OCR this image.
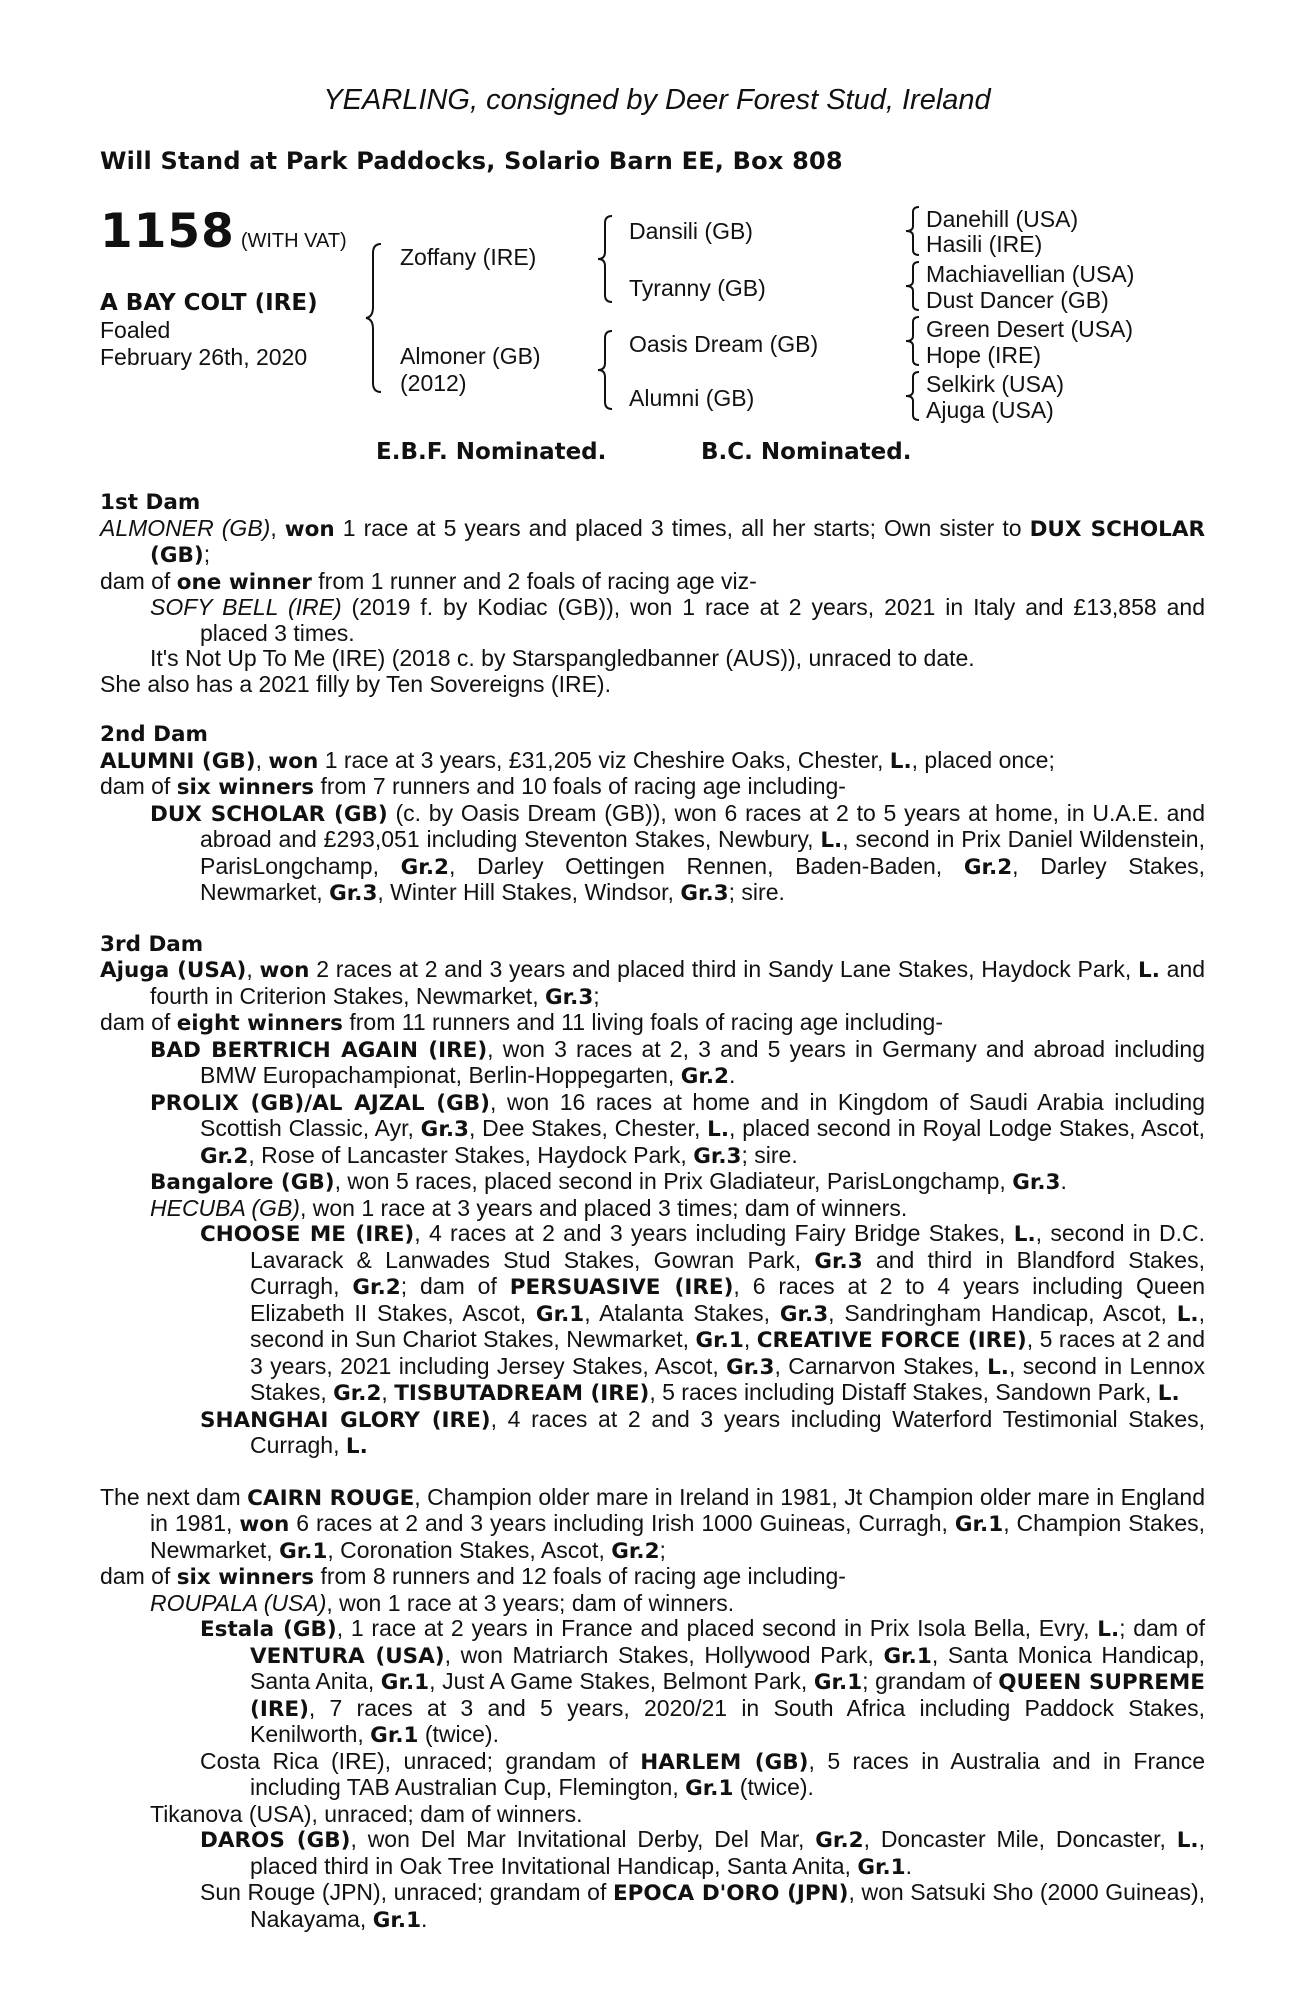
YEARLING, consigned by Deer Forest Stud, Ireland
Will Stand at Park Paddocks, Solario Barn EE, Box 808
1158 (WITH VAT)
A BAY COLT (IRE)
Foaled
February 26th, 2020
Zoffany (IRE)
Almoner (GB)
(2012)
Dansili (GB)
Tyranny (GB)
Oasis Dream (GB)
Alumni (GB)
Danehill (USA)
Hasili (IRE)
Machiavellian (USA)
Dust Dancer (GB)
Green Desert (USA)
Hope (IRE)
Selkirk (USA)
Ajuga (USA)
E.B.F. Nominated.	B.C. Nominated.
1st Dam

ALMONER (GB), won 1 race at 5 years and placed 3 times, all her starts; Own sister to DUX SCHOLAR (GB);

dam of one winner from 1 runner and 2 foals of racing age viz-

SOFY BELL (IRE) (2019 f. by Kodiac (GB)), won 1 race at 2 years, 2021 in Italy and £13,858 and placed 3 times.

It's Not Up To Me (IRE) (2018 c. by Starspangledbanner (AUS)), unraced to date.

She also has a 2021 filly by Ten Sovereigns (IRE).

2nd Dam

ALUMNI (GB), won 1 race at 3 years, £31,205 viz Cheshire Oaks, Chester, L., placed once;

dam of six winners from 7 runners and 10 foals of racing age including-

DUX SCHOLAR (GB) (c. by Oasis Dream (GB)), won 6 races at 2 to 5 years at home, in U.A.E. and abroad and £293,051 including Steventon Stakes, Newbury, L., second in Prix Daniel Wildenstein, ParisLongchamp, Gr.2, Darley Oettingen Rennen, Baden-Baden, Gr.2, Darley Stakes, Newmarket, Gr.3, Winter Hill Stakes, Windsor, Gr.3; sire.

3rd Dam

Ajuga (USA), won 2 races at 2 and 3 years and placed third in Sandy Lane Stakes, Haydock Park, L. and fourth in Criterion Stakes, Newmarket, Gr.3;

dam of eight winners from 11 runners and 11 living foals of racing age including-

BAD BERTRICH AGAIN (IRE), won 3 races at 2, 3 and 5 years in Germany and abroad including BMW Europachampionat, Berlin-Hoppegarten, Gr.2.

PROLIX (GB)/AL AJZAL (GB), won 16 races at home and in Kingdom of Saudi Arabia including Scottish Classic, Ayr, Gr.3, Dee Stakes, Chester, L., placed second in Royal Lodge Stakes, Ascot, Gr.2, Rose of Lancaster Stakes, Haydock Park, Gr.3; sire.

Bangalore (GB), won 5 races, placed second in Prix Gladiateur, ParisLongchamp, Gr.3.

HECUBA (GB), won 1 race at 3 years and placed 3 times; dam of winners.

CHOOSE ME (IRE), 4 races at 2 and 3 years including Fairy Bridge Stakes, L., second in D.C. Lavarack & Lanwades Stud Stakes, Gowran Park, Gr.3 and third in Blandford Stakes, Curragh, Gr.2; dam of PERSUASIVE (IRE), 6 races at 2 to 4 years including Queen Elizabeth II Stakes, Ascot, Gr.1, Atalanta Stakes, Gr.3, Sandringham Handicap, Ascot, L., second in Sun Chariot Stakes, Newmarket, Gr.1, CREATIVE FORCE (IRE), 5 races at 2 and 3 years, 2021 including Jersey Stakes, Ascot, Gr.3, Carnarvon Stakes, L., second in Lennox Stakes, Gr.2, TISBUTADREAM (IRE), 5 races including Distaff Stakes, Sandown Park, L.

SHANGHAI GLORY (IRE), 4 races at 2 and 3 years including Waterford Testimonial Stakes, Curragh, L.

The next dam CAIRN ROUGE, Champion older mare in Ireland in 1981, Jt Champion older mare in England in 1981, won 6 races at 2 and 3 years including Irish 1000 Guineas, Curragh, Gr.1, Champion Stakes, Newmarket, Gr.1, Coronation Stakes, Ascot, Gr.2;

dam of six winners from 8 runners and 12 foals of racing age including-

ROUPALA (USA), won 1 race at 3 years; dam of winners.

Estala (GB), 1 race at 2 years in France and placed second in Prix Isola Bella, Evry, L.; dam of VENTURA (USA), won Matriarch Stakes, Hollywood Park, Gr.1, Santa Monica Handicap, Santa Anita, Gr.1, Just A Game Stakes, Belmont Park, Gr.1; grandam of QUEEN SUPREME (IRE), 7 races at 3 and 5 years, 2020/21 in South Africa including Paddock Stakes, Kenilworth, Gr.1 (twice).

Costa Rica (IRE), unraced; grandam of HARLEM (GB), 5 races in Australia and in France including TAB Australian Cup, Flemington, Gr.1 (twice).

Tikanova (USA), unraced; dam of winners.

DAROS (GB), won Del Mar Invitational Derby, Del Mar, Gr.2, Doncaster Mile, Doncaster, L., placed third in Oak Tree Invitational Handicap, Santa Anita, Gr.1.

Sun Rouge (JPN), unraced; grandam of EPOCA D'ORO (JPN), won Satsuki Sho (2000 Guineas), Nakayama, Gr.1.
